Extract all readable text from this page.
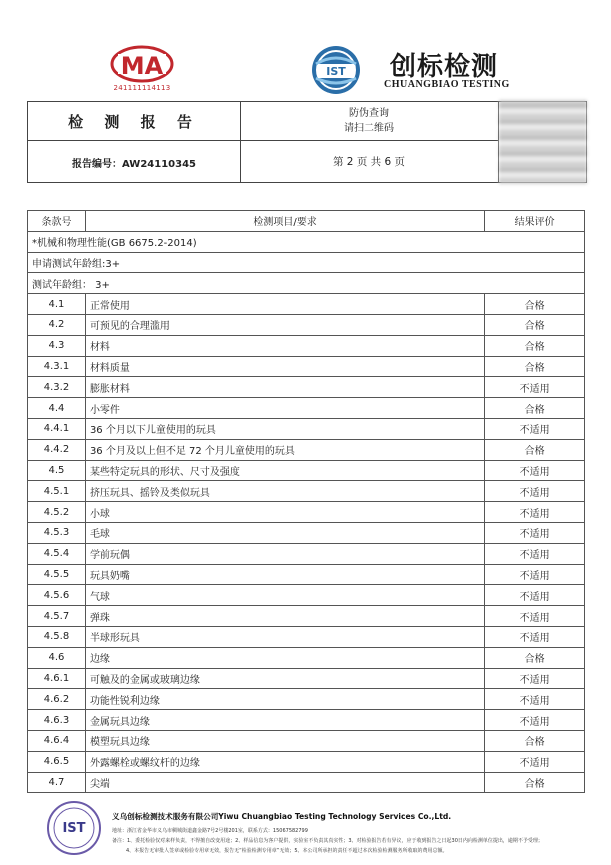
MA
241111114113
IST 创标检测
CHUANGBIAO TESTING
检 测 报 告	防伪查询
请扫二维码
报告编号：AW24110345	第 2 页 共 6 页
条款号	检测项目/要求	结果评价
*机械和物理性能(GB 6675.2-2014)		
申请测试年龄组:3+		
测试年龄组： 3+		
4.1	正常使用	合格
4.2	可预见的合理滥用	合格
4.3	材料	合格
4.3.1	材料质量	合格
4.3.2	膨胀材料	不适用
4.4	小零件	合格
4.4.1	36 个月以下儿童使用的玩具	不适用
4.4.2	36 个月及以上但不足 72 个月儿童使用的玩具	合格
4.5	某些特定玩具的形状、尺寸及强度	不适用
4.5.1	挤压玩具、摇铃及类似玩具	不适用
4.5.2	小球	不适用
4.5.3	毛球	不适用
4.5.4	学前玩偶	不适用
4.5.5	玩具奶嘴	不适用
4.5.6	气球	不适用
4.5.7	弹珠	不适用
4.5.8	半球形玩具	不适用
4.6	边缘	合格
4.6.1	可触及的金属或玻璃边缘	不适用
4.6.2	功能性锐利边缘	不适用
4.6.3	金属玩具边缘	不适用
4.6.4	模塑玩具边缘	合格
4.6.5	外露螺栓或螺纹杆的边缘	不适用
4.7	尖端	合格
IST
义乌创标检测技术服务有限公司Yiwu Chuangbiao Testing Technology Services Co.,Ltd.
地址：浙江省金华市义乌市稠城街道鑫金路7号2号楼201室，联系方式：15067582799
备注：1、委托检验仅对来样负责，不得擅自改变用途；2、样品信息为客户提供，实验室不负责其真实性；3、对检验报告若有异议，应于收到报告之日起30日内向检测单位提出，逾期不予受理；
4、本报告无审批人签章或检验专用章无效，报告无“检验检测专用章”无效；5、本公司所承担的责任不超过本次检验检测服务所收取的费用总额。
